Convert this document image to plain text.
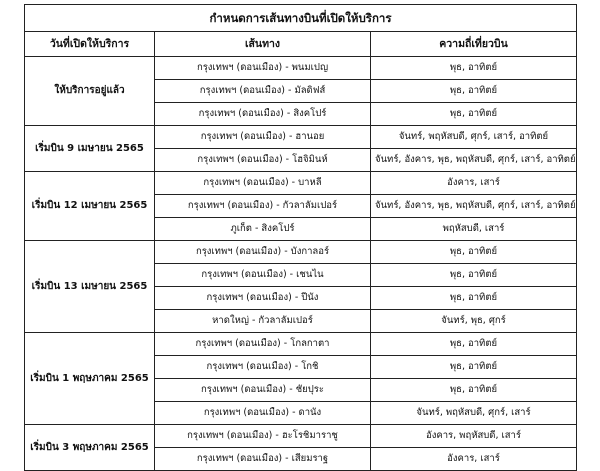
กำหนดการเส้นทางบินที่เปิดให้บริการ		
วันที่เปิดให้บริการ	เส้นทาง	ความถี่เที่ยวบิน
ให้บริการอยู่แล้ว	กรุงเทพฯ (ดอนเมือง) - พนมเปญ	พุธ, อาทิตย์
	กรุงเทพฯ (ดอนเมือง) - มัลดิฟส์	พุธ, อาทิตย์
	กรุงเทพฯ (ดอนเมือง) - สิงคโปร์	พุธ, อาทิตย์
เริ่มบิน 9 เมษายน 2565	กรุงเทพฯ (ดอนเมือง) - ฮานอย	จันทร์, พฤหัสบดี, ศุกร์, เสาร์, อาทิตย์
	กรุงเทพฯ (ดอนเมือง) - โฮจิมินห์	จันทร์, อังคาร, พุธ, พฤหัสบดี, ศุกร์, เสาร์, อาทิตย์
เริ่มบิน 12 เมษายน 2565	กรุงเทพฯ (ดอนเมือง) - บาหลี	อังคาร, เสาร์
	กรุงเทพฯ (ดอนเมือง) - กัวลาลัมเปอร์	จันทร์, อังคาร, พุธ, พฤหัสบดี, ศุกร์, เสาร์, อาทิตย์
	ภูเก็ต - สิงคโปร์	พฤหัสบดี, เสาร์
เริ่มบิน 13 เมษายน 2565	กรุงเทพฯ (ดอนเมือง) - บังกาลอร์	พุธ, อาทิตย์
	กรุงเทพฯ (ดอนเมือง) - เชนไน	พุธ, อาทิตย์
	กรุงเทพฯ (ดอนเมือง) - ปีนัง	พุธ, อาทิตย์
	หาดใหญ่ - กัวลาลัมเปอร์	จันทร์, พุธ, ศุกร์
เริ่มบิน 1 พฤษภาคม 2565	กรุงเทพฯ (ดอนเมือง) - โกลกาตา	พุธ, อาทิตย์
	กรุงเทพฯ (ดอนเมือง) - โกชิ	พุธ, อาทิตย์
	กรุงเทพฯ (ดอนเมือง) - ชัยปุระ	พุธ, อาทิตย์
	กรุงเทพฯ (ดอนเมือง) - ดานัง	จันทร์, พฤหัสบดี, ศุกร์, เสาร์
เริ่มบิน 3 พฤษภาคม 2565	กรุงเทพฯ (ดอนเมือง) - ฮะโรชิมาราชู	อังคาร, พฤหัสบดี, เสาร์
	กรุงเทพฯ (ดอนเมือง) - เสียมราฐ	อังคาร, เสาร์
